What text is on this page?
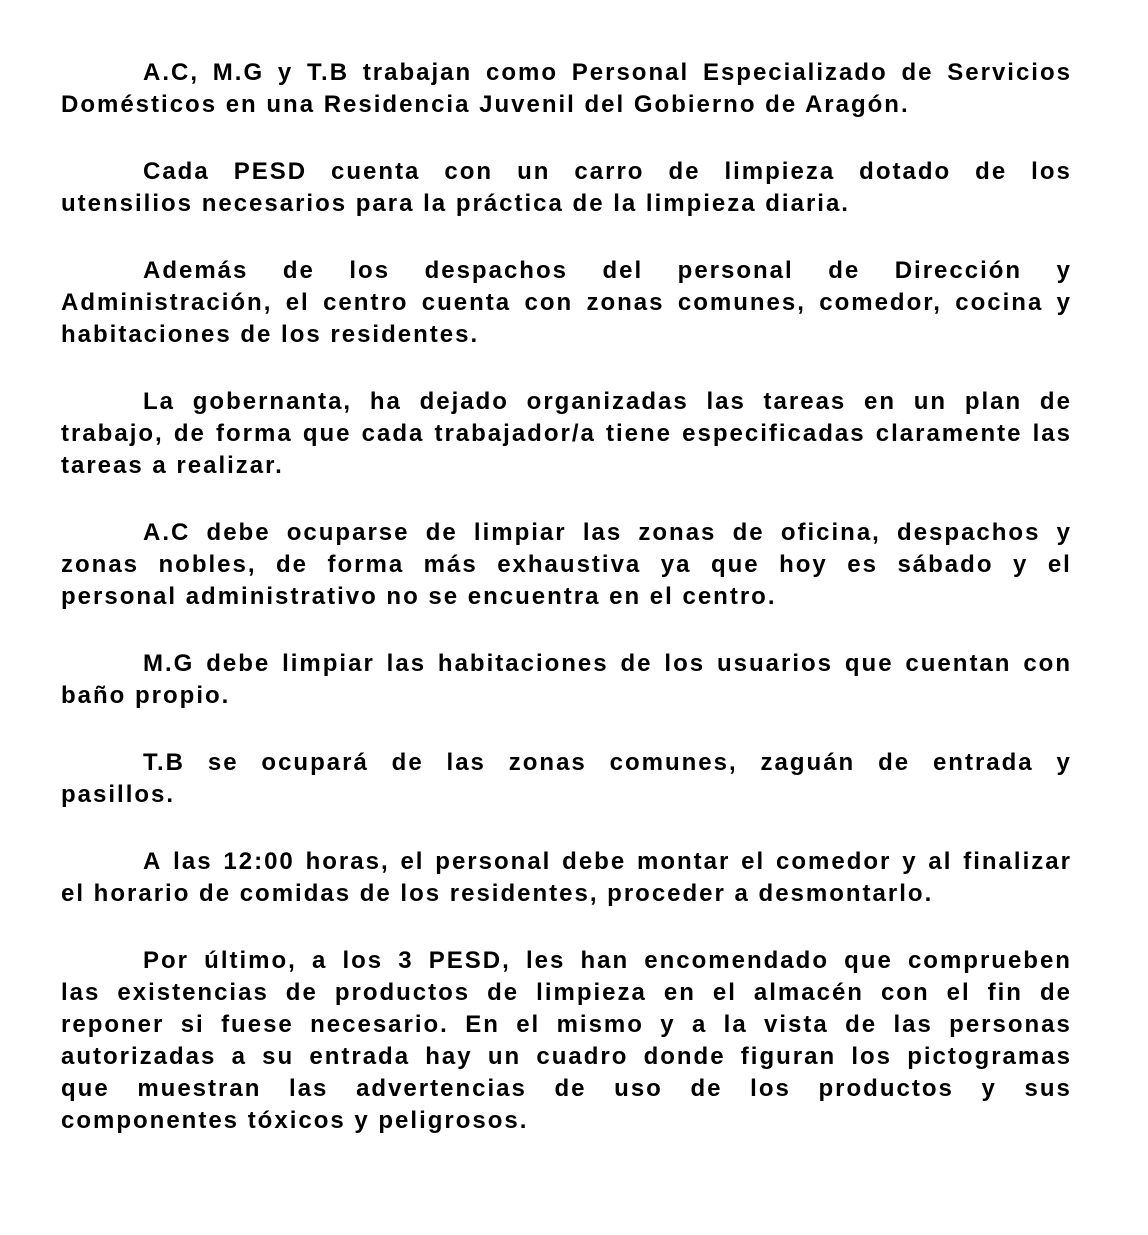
A.C, M.G y T.B trabajan como Personal Especializado de Servicios
Domésticos en una Residencia Juvenil del Gobierno de Aragón.
Cada PESD cuenta con un carro de limpieza dotado de los
utensilios necesarios para la práctica de la limpieza diaria.
Además de los despachos del personal de Dirección y
Administración, el centro cuenta con zonas comunes, comedor, cocina y
habitaciones de los residentes.
La gobernanta, ha dejado organizadas las tareas en un plan de
trabajo, de forma que cada trabajador/a tiene especificadas claramente las
tareas a realizar.
A.C debe ocuparse de limpiar las zonas de oficina, despachos y
zonas nobles, de forma más exhaustiva ya que hoy es sábado y el
personal administrativo no se encuentra en el centro.
M.G debe limpiar las habitaciones de los usuarios que cuentan con
baño propio.
T.B se ocupará de las zonas comunes, zaguán de entrada y
pasillos.
A las 12:00 horas, el personal debe montar el comedor y al finalizar
el horario de comidas de los residentes, proceder a desmontarlo.
Por último, a los 3 PESD, les han encomendado que comprueben
las existencias de productos de limpieza en el almacén con el fin de
reponer si fuese necesario. En el mismo y a la vista de las personas
autorizadas a su entrada hay un cuadro donde figuran los pictogramas
que muestran las advertencias de uso de los productos y sus
componentes tóxicos y peligrosos.
